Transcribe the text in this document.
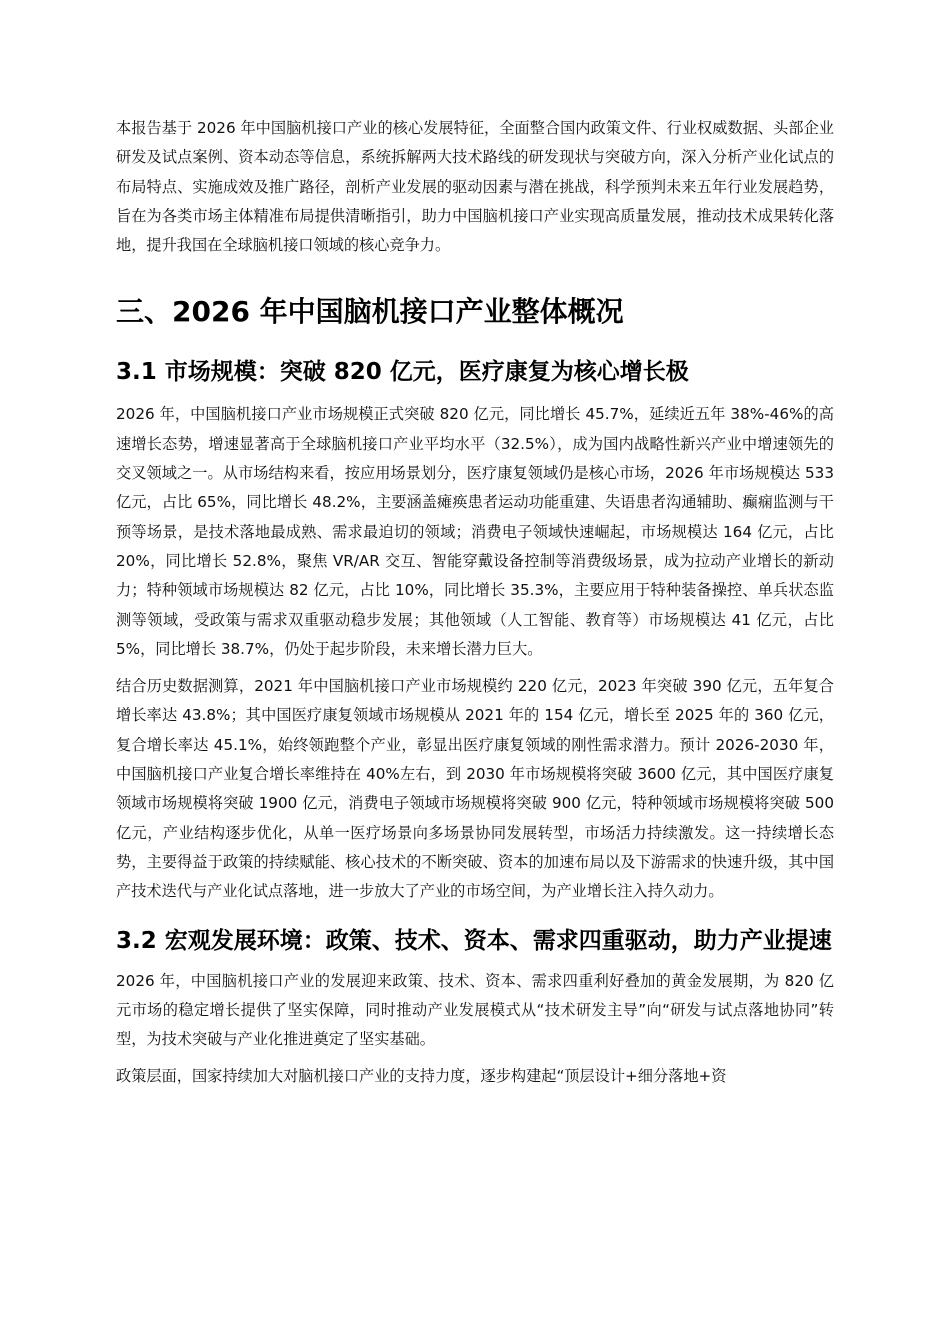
本报告基于 2026 年中国脑机接口产业的核心发展特征，全面整合国内政策文件、行业权威数据、头部企业研发及试点案例、资本动态等信息，系统拆解两大技术路线的研发现状与突破方向，深入分析产业化试点的布局特点、实施成效及推广路径，剖析产业发展的驱动因素与潜在挑战，科学预判未来五年行业发展趋势，旨在为各类市场主体精准布局提供清晰指引，助力中国脑机接口产业实现高质量发展，推动技术成果转化落地，提升我国在全球脑机接口领域的核心竞争力。

三、2026 年中国脑机接口产业整体概况
3.1 市场规模：突破 820 亿元，医疗康复为核心增长极

2026 年，中国脑机接口产业市场规模正式突破 820 亿元，同比增长 45.7%，延续近五年 38%-46%的高速增长态势，增速显著高于全球脑机接口产业平均水平（32.5%），成为国内战略性新兴产业中增速领先的交叉领域之一。从市场结构来看，按应用场景划分，医疗康复领域仍是核心市场，2026 年市场规模达 533 亿元，占比 65%，同比增长 48.2%，主要涵盖瘫痪患者运动功能重建、失语患者沟通辅助、癫痫监测与干预等场景，是技术落地最成熟、需求最迫切的领域；消费电子领域快速崛起，市场规模达 164 亿元，占比 20%，同比增长 52.8%，聚焦 VR/AR 交互、智能穿戴设备控制等消费级场景，成为拉动产业增长的新动力；特种领域市场规模达 82 亿元，占比 10%，同比增长 35.3%，主要应用于特种装备操控、单兵状态监测等领域，受政策与需求双重驱动稳步发展；其他领域（人工智能、教育等）市场规模达 41 亿元，占比 5%，同比增长 38.7%，仍处于起步阶段，未来增长潜力巨大。

结合历史数据测算，2021 年中国脑机接口产业市场规模约 220 亿元，2023 年突破 390 亿元，五年复合增长率达 43.8%；其中国医疗康复领域市场规模从 2021 年的 154 亿元，增长至 2025 年的 360 亿元，复合增长率达 45.1%，始终领跑整个产业，彰显出医疗康复领域的刚性需求潜力。预计 2026-2030 年，中国脑机接口产业复合增长率维持在 40%左右，到 2030 年市场规模将突破 3600 亿元，其中国医疗康复领域市场规模将突破 1900 亿元，消费电子领域市场规模将突破 900 亿元，特种领域市场规模将突破 500 亿元，产业结构逐步优化，从单一医疗场景向多场景协同发展转型，市场活力持续激发。这一持续增长态势，主要得益于政策的持续赋能、核心技术的不断突破、资本的加速布局以及下游需求的快速升级，其中国产技术迭代与产业化试点落地，进一步放大了产业的市场空间，为产业增长注入持久动力。

3.2 宏观发展环境：政策、技术、资本、需求四重驱动，助力产业提速

2026 年，中国脑机接口产业的发展迎来政策、技术、资本、需求四重利好叠加的黄金发展期，为 820 亿元市场的稳定增长提供了坚实保障，同时推动产业发展模式从“技术研发主导”向“研发与试点落地协同”转型，为技术突破与产业化推进奠定了坚实基础。

政策层面，国家持续加大对脑机接口产业的支持力度，逐步构建起“顶层设计+细分落地+资
